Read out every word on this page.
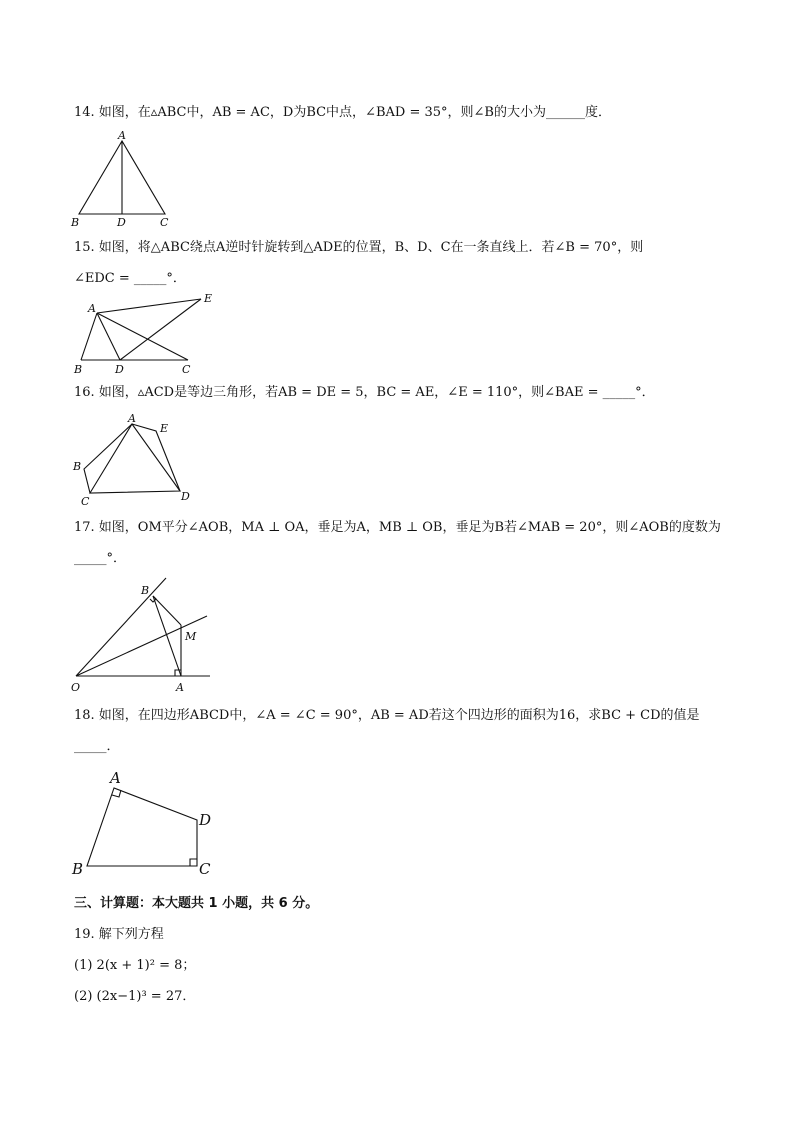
14. 如图，在▵ABC中，AB = AC，D为BC中点，∠BAD = 35°，则∠B的大小为______度．
A
B	D	C
15. 如图，将△ABC绕点A逆时针旋转到△ADE的位置，B、D、C在一条直线上．若∠B = 70°，则
∠EDC = _____°．
A
E
B	D	C
16. 如图，▵ACD是等边三角形，若AB = DE = 5，BC = AE，∠E = 110°，则∠BAE = _____°．
A
E
B
C	D
17. 如图，OM平分∠AOB，MA ⊥ OA，垂足为A，MB ⊥ OB，垂足为B若∠MAB = 20°，则∠AOB的度数为
_____°．
B
M
O	A
18. 如图，在四边形ABCD中，∠A = ∠C = 90°，AB = AD若这个四边形的面积为16，求BC + CD的值是
_____．
A
D
B	C
三、计算题：本大题共 1 小题，共 6 分。
19. 解下列方程
(1) 2(x + 1)² = 8；
(2) (2x−1)³ = 27．
